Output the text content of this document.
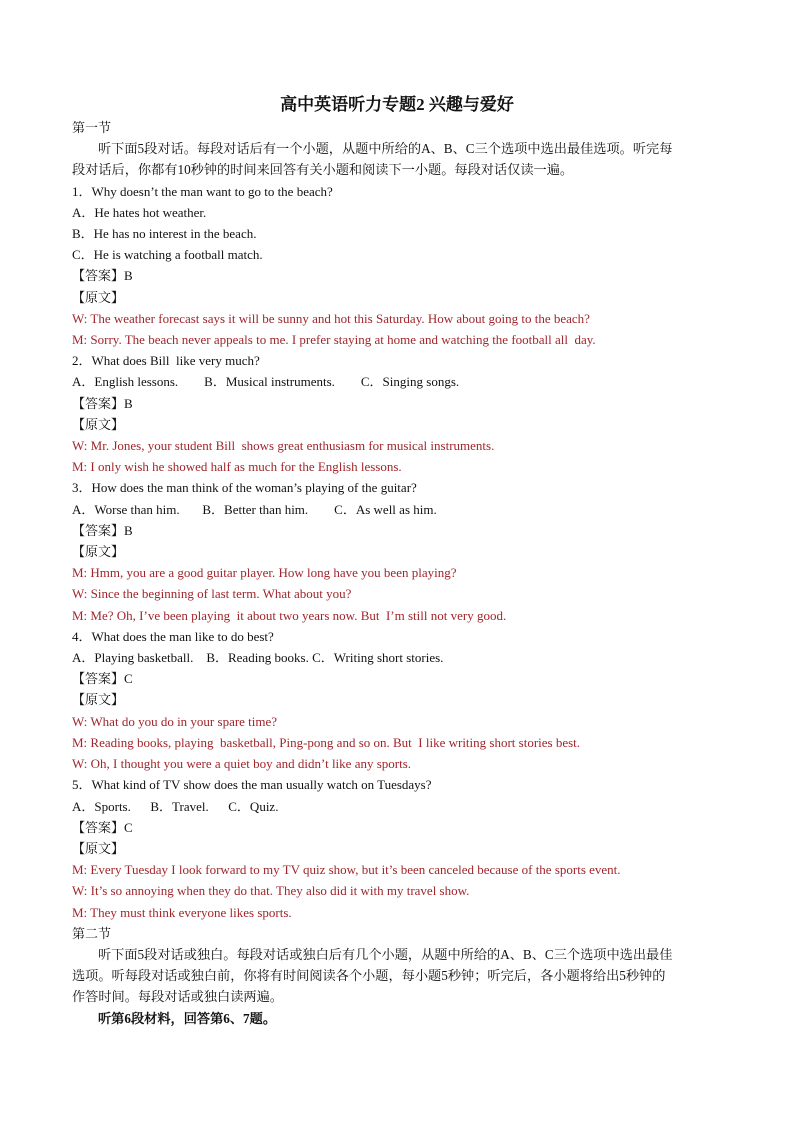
高中英语听力专题2 兴趣与爱好
第一节
听下面5段对话。每段对话后有一个小题，从题中所给的A、B、C三个选项中选出最佳选项。听完每
段对话后，你都有10秒钟的时间来回答有关小题和阅读下一小题。每段对话仅读一遍。
1．Why doesn’t the man want to go to the beach?
A．He hates hot weather.
B．He has no interest in the beach.
C．He is watching a football match.
【答案】B
【原文】
W: The weather forecast says it will be sunny and hot this Saturday. How about going to the beach?
M: Sorry. The beach never appeals to me. I prefer staying at home and watching the football all  day.
2．What does Bill  like very much?
A．English lessons.        B．Musical instruments.        C．Singing songs.
【答案】B
【原文】
W: Mr. Jones, your student Bill  shows great enthusiasm for musical instruments.
M: I only wish he showed half as much for the English lessons.
3．How does the man think of the woman’s playing of the guitar?
A．Worse than him.       B．Better than him.        C．As well as him.
【答案】B
【原文】
M: Hmm, you are a good guitar player. How long have you been playing?
W: Since the beginning of last term. What about you?
M: Me? Oh, I’ve been playing  it about two years now. But  I’m still not very good.
4．What does the man like to do best?
A．Playing basketball.    B．Reading books. C．Writing short stories.
【答案】C
【原文】
W: What do you do in your spare time?
M: Reading books, playing  basketball, Ping-pong and so on. But  I like writing short stories best.
W: Oh, I thought you were a quiet boy and didn’t like any sports.
5．What kind of TV show does the man usually watch on Tuesdays?
A．Sports.      B．Travel.      C．Quiz.
【答案】C
【原文】
M: Every Tuesday I look forward to my TV quiz show, but it’s been canceled because of the sports event.
W: It’s so annoying when they do that. They also did it with my travel show.
M: They must think everyone likes sports.
第二节
听下面5段对话或独白。每段对话或独白后有几个小题，从题中所给的A、B、C三个选项中选出最佳
选项。听每段对话或独白前，你将有时间阅读各个小题，每小题5秒钟；听完后，各小题将给出5秒钟的
作答时间。每段对话或独白读两遍。
听第6段材料，回答第6、7题。
